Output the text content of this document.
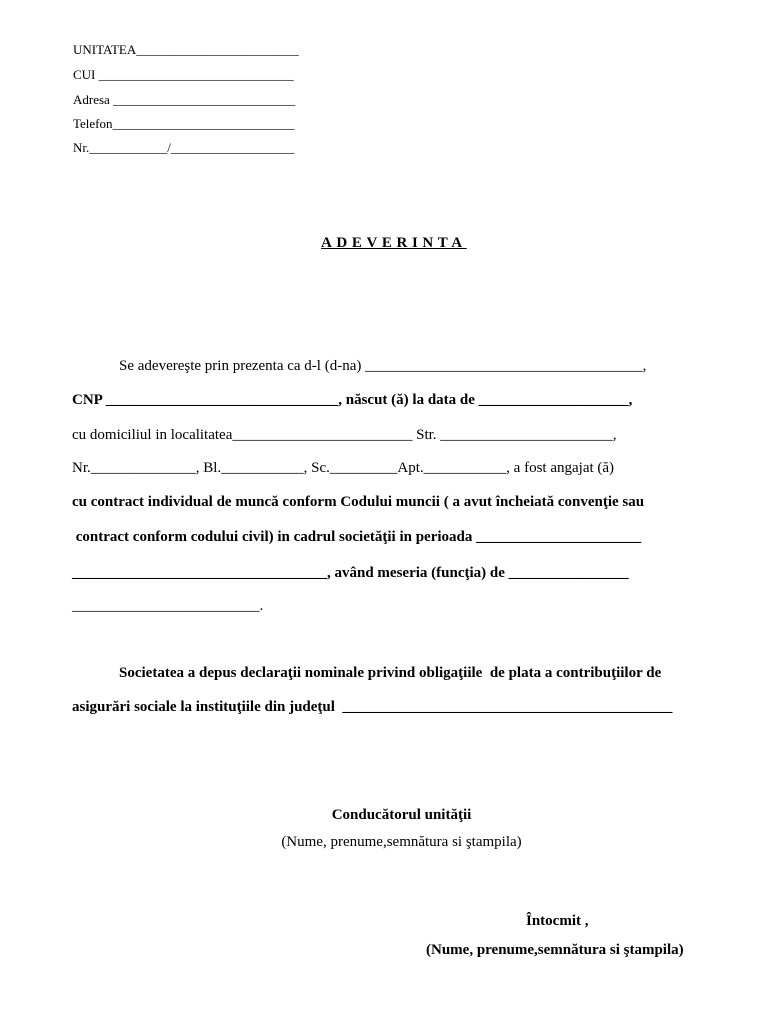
UNITATEA_________________________
CUI ______________________________
Adresa ____________________________
Telefon____________________________
Nr.____________/___________________
ADEVERINTA
Se adevereşte prin prezenta ca d-l (d-na) _____________________________________,
CNP _______________________________, născut (ă) la data de ____________________,
cu domiciliul in localitatea________________________ Str. _______________________,
Nr.______________, Bl.___________, Sc._________Apt.___________, a fost angajat (ă)
cu contract individual de muncă conform Codului muncii ( a avut încheiată convenţie sau
contract conform codului civil) in cadrul societăţii in perioada ______________________
__________________________________, având meseria (funcţia) de ________________
_________________________.
Societatea a depus declaraţii nominale privind obligaţiile  de plata a contribuţiilor de
asigurări sociale la instituţiile din judeţul  ____________________________________________
Conducătorul unităţii
(Nume, prenume,semnătura si ştampila)
Întocmit ,
(Nume, prenume,semnătura si ştampila)
